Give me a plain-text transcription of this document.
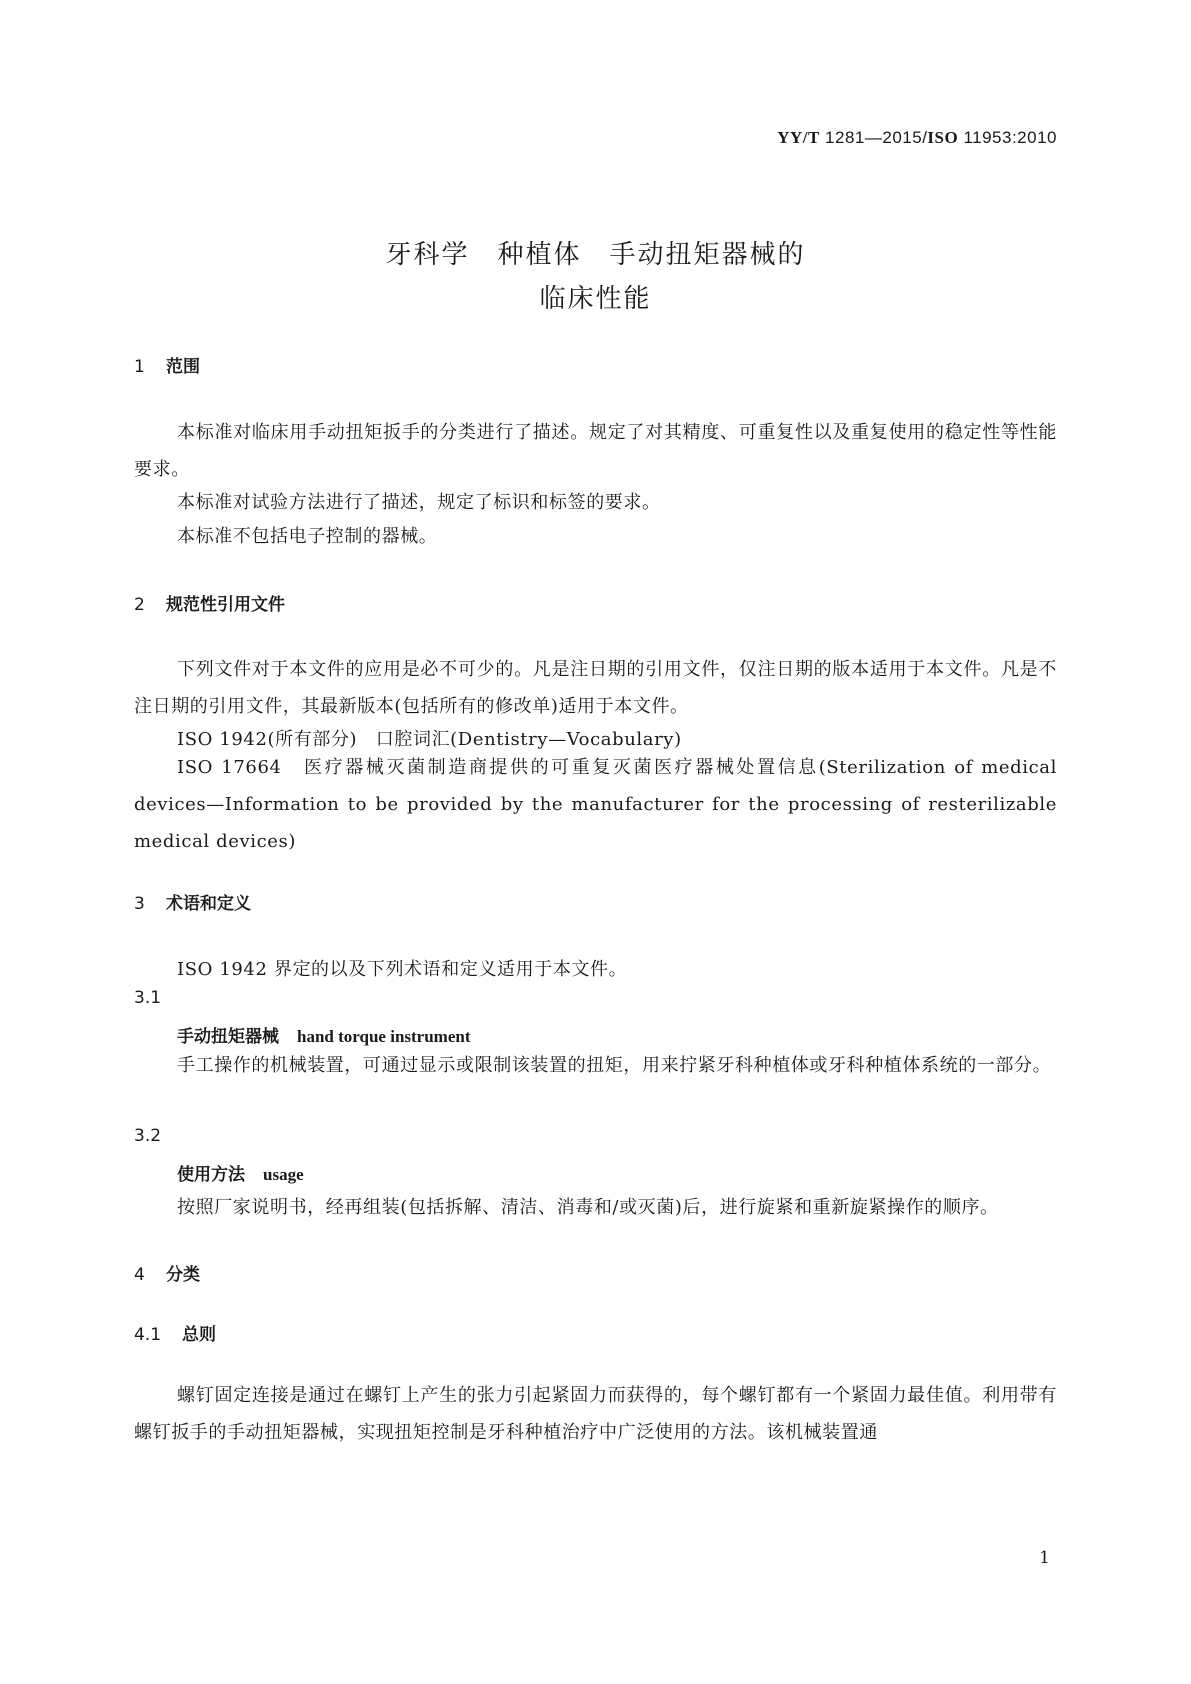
YY/T 1281—2015/ISO 11953:2010
牙科学　种植体　手动扭矩器械的
临床性能
1 范围
本标准对临床用手动扭矩扳手的分类进行了描述。规定了对其精度、可重复性以及重复使用的稳定性等性能要求。
本标准对试验方法进行了描述，规定了标识和标签的要求。
本标准不包括电子控制的器械。
2 规范性引用文件
下列文件对于本文件的应用是必不可少的。凡是注日期的引用文件，仅注日期的版本适用于本文件。凡是不注日期的引用文件，其最新版本(包括所有的修改单)适用于本文件。
ISO 1942(所有部分)　口腔词汇(Dentistry—Vocabulary)
ISO 17664　医疗器械灭菌制造商提供的可重复灭菌医疗器械处置信息(Sterilization of medical devices—Information to be provided by the manufacturer for the processing of resterilizable medical devices)
3 术语和定义
ISO 1942 界定的以及下列术语和定义适用于本文件。
3.1
手动扭矩器械 hand torque instrument
手工操作的机械装置，可通过显示或限制该装置的扭矩，用来拧紧牙科种植体或牙科种植体系统的一部分。
3.2
使用方法 usage
按照厂家说明书，经再组装(包括拆解、清洁、消毒和/或灭菌)后，进行旋紧和重新旋紧操作的顺序。
4 分类
4.1 总则
螺钉固定连接是通过在螺钉上产生的张力引起紧固力而获得的，每个螺钉都有一个紧固力最佳值。利用带有螺钉扳手的手动扭矩器械，实现扭矩控制是牙科种植治疗中广泛使用的方法。该机械装置通
1
